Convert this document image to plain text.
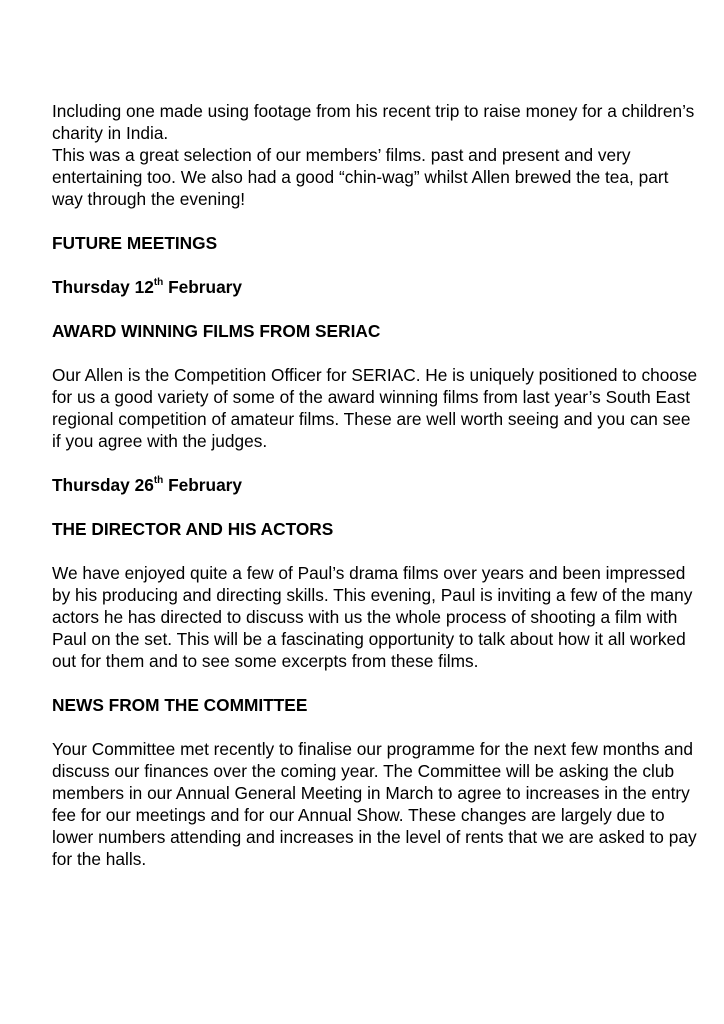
Including one made using footage from his recent trip to raise money for a children’s charity in India.

This was a great selection of our members’ films. past and present and very entertaining too. We also had a good “chin-wag” whilst Allen brewed the tea, part way through the evening!

FUTURE MEETINGS

Thursday 12th February

AWARD WINNING FILMS FROM SERIAC

Our Allen is the Competition Officer for SERIAC. He is uniquely positioned to choose for us a good variety of some of the award winning films from last year’s South East regional competition of amateur films. These are well worth seeing and you can see if you agree with the judges.

Thursday 26th February

THE DIRECTOR AND HIS ACTORS

We have enjoyed quite a few of Paul’s drama films over years and been impressed by his producing and directing skills. This evening, Paul is inviting a few of the many actors he has directed to discuss with us the whole process of shooting a film with Paul on the set. This will be a fascinating opportunity to talk about how it all worked out for them and to see some excerpts from these films.

NEWS FROM THE COMMITTEE

Your Committee met recently to finalise our programme for the next few months and discuss our finances over the coming year. The Committee will be asking the club members in our Annual General Meeting in March to agree to increases in the entry fee for our meetings and for our Annual Show. These changes are largely due to lower numbers attending and increases in the level of rents that we are asked to pay for the halls.
